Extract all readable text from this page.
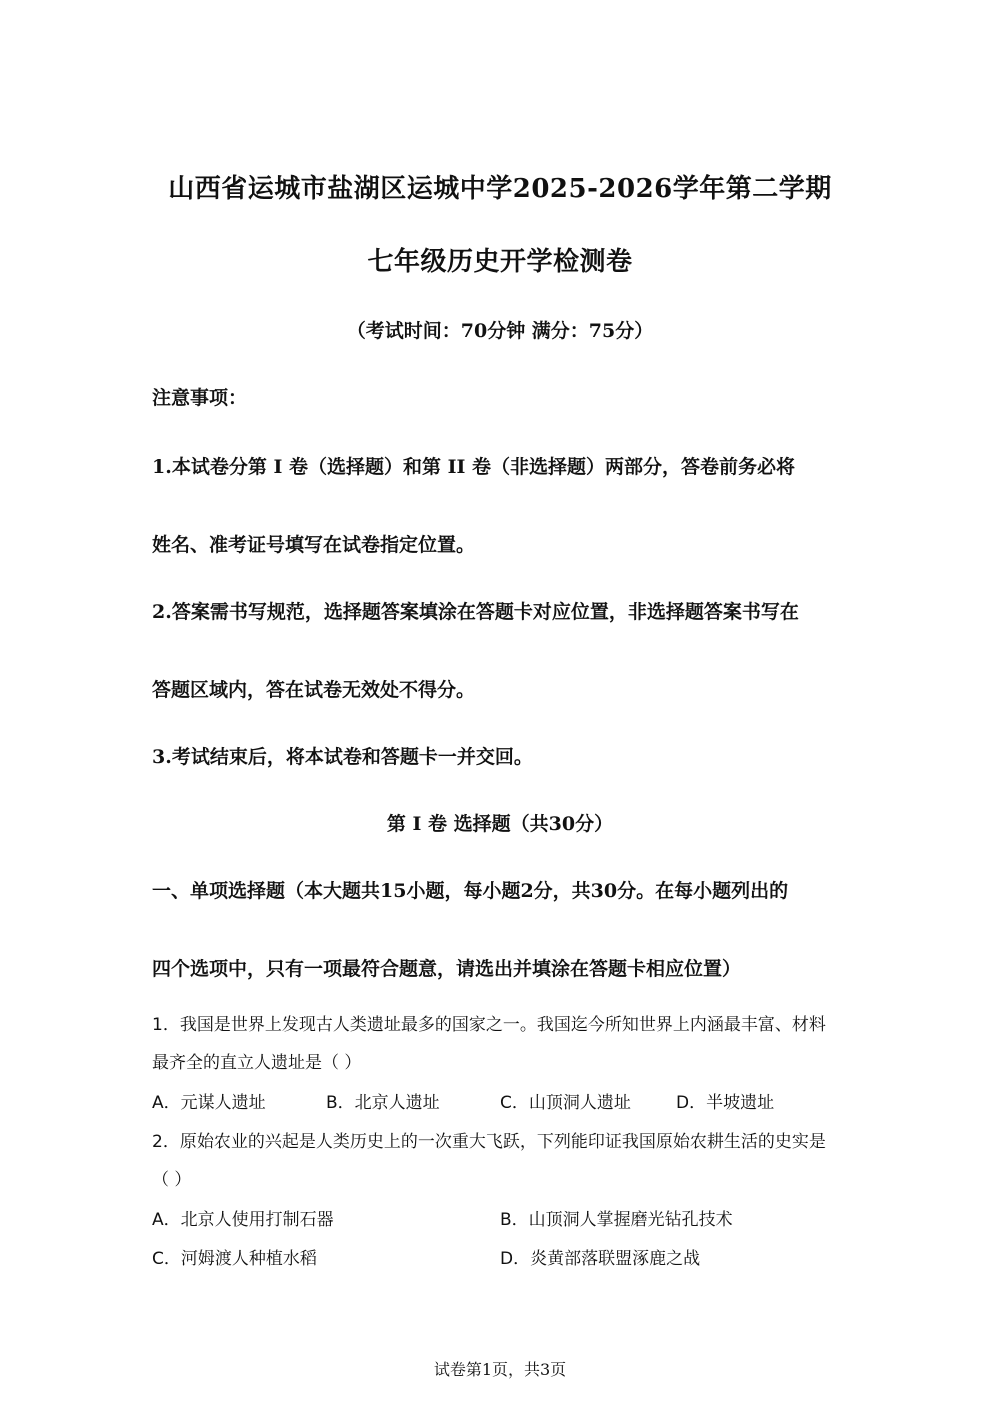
山西省运城市盐湖区运城中学2025-2026学年第二学期
七年级历史开学检测卷
（考试时间：70分钟 满分：75分）
注意事项：
1.本试卷分第 Ⅰ 卷（选择题）和第 II 卷（非选择题）两部分，答卷前务必将
姓名、准考证号填写在试卷指定位置。
2.答案需书写规范，选择题答案填涂在答题卡对应位置，非选择题答案书写在
答题区域内，答在试卷无效处不得分。
3.考试结束后，将本试卷和答题卡一并交回。
第 Ⅰ 卷 选择题（共30分）
一、单项选择题（本大题共15小题，每小题2分，共30分。在每小题列出的
四个选项中，只有一项最符合题意，请选出并填涂在答题卡相应位置）
1．我国是世界上发现古人类遗址最多的国家之一。我国迄今所知世界上内涵最丰富、材料
最齐全的直立人遗址是（ ）
A．元谋人遗址	B．北京人遗址	C．山顶洞人遗址	D．半坡遗址
2．原始农业的兴起是人类历史上的一次重大飞跃，下列能印证我国原始农耕生活的史实是
（ ）
A．北京人使用打制石器	B．山顶洞人掌握磨光钻孔技术
C．河姆渡人种植水稻	D．炎黄部落联盟涿鹿之战
试卷第1页，共3页
